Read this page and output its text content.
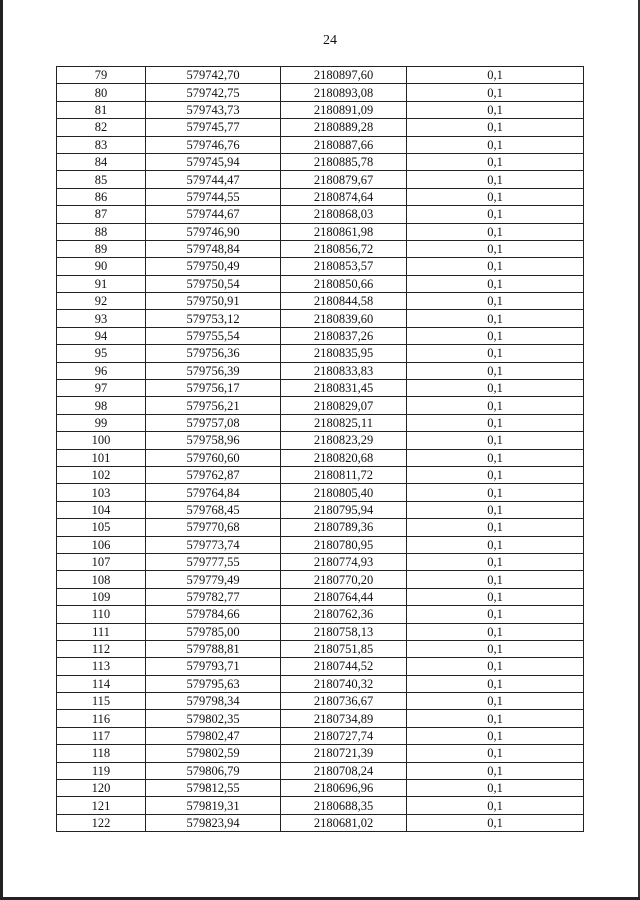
24
79	579742,70	2180897,60	0,1
80	579742,75	2180893,08	0,1
81	579743,73	2180891,09	0,1
82	579745,77	2180889,28	0,1
83	579746,76	2180887,66	0,1
84	579745,94	2180885,78	0,1
85	579744,47	2180879,67	0,1
86	579744,55	2180874,64	0,1
87	579744,67	2180868,03	0,1
88	579746,90	2180861,98	0,1
89	579748,84	2180856,72	0,1
90	579750,49	2180853,57	0,1
91	579750,54	2180850,66	0,1
92	579750,91	2180844,58	0,1
93	579753,12	2180839,60	0,1
94	579755,54	2180837,26	0,1
95	579756,36	2180835,95	0,1
96	579756,39	2180833,83	0,1
97	579756,17	2180831,45	0,1
98	579756,21	2180829,07	0,1
99	579757,08	2180825,11	0,1
100	579758,96	2180823,29	0,1
101	579760,60	2180820,68	0,1
102	579762,87	2180811,72	0,1
103	579764,84	2180805,40	0,1
104	579768,45	2180795,94	0,1
105	579770,68	2180789,36	0,1
106	579773,74	2180780,95	0,1
107	579777,55	2180774,93	0,1
108	579779,49	2180770,20	0,1
109	579782,77	2180764,44	0,1
110	579784,66	2180762,36	0,1
111	579785,00	2180758,13	0,1
112	579788,81	2180751,85	0,1
113	579793,71	2180744,52	0,1
114	579795,63	2180740,32	0,1
115	579798,34	2180736,67	0,1
116	579802,35	2180734,89	0,1
117	579802,47	2180727,74	0,1
118	579802,59	2180721,39	0,1
119	579806,79	2180708,24	0,1
120	579812,55	2180696,96	0,1
121	579819,31	2180688,35	0,1
122	579823,94	2180681,02	0,1
